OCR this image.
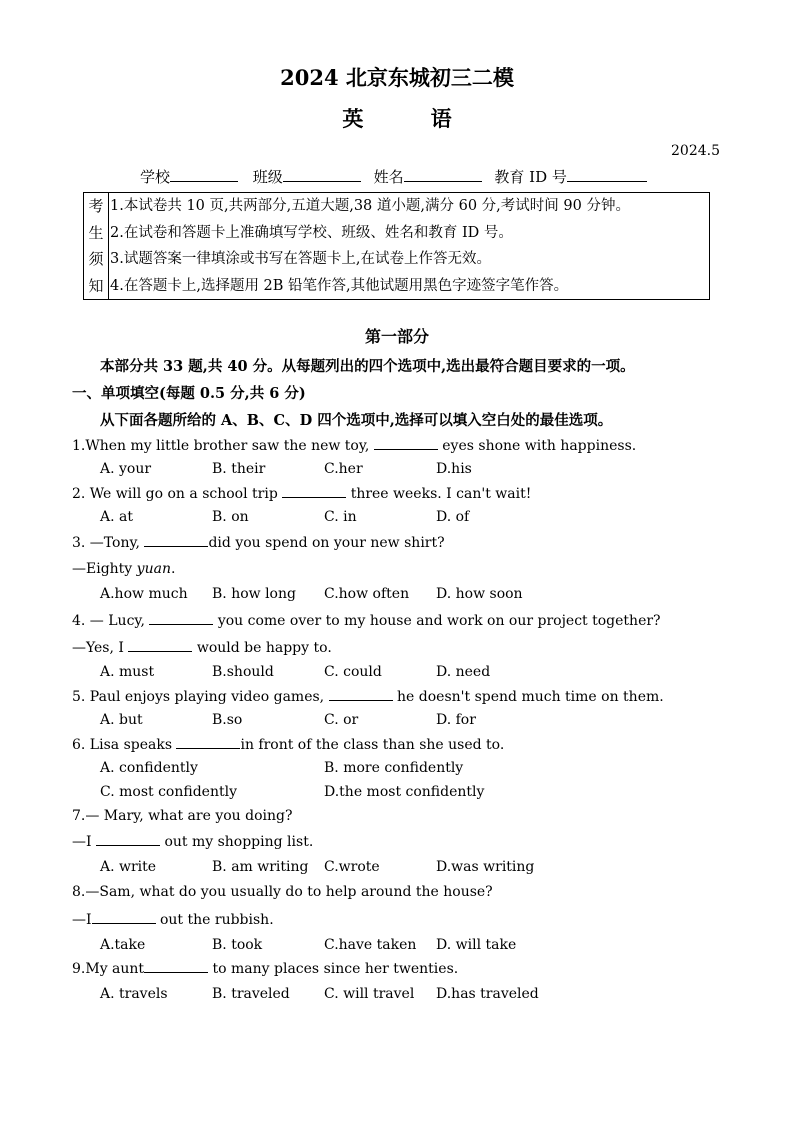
2024 北京东城初三二模
英 语
2024.5
学校	班级	姓名	教育 ID 号
考
生
须
知
1.本试卷共 10 页,共两部分,五道大题,38 道小题,满分 60 分,考试时间 90 分钟。
2.在试卷和答题卡上准确填写学校、班级、姓名和教育 ID 号。
3.试题答案一律填涂或书写在答题卡上,在试卷上作答无效。
4.在答题卡上,选择题用 2B 铅笔作答,其他试题用黑色字迹签字笔作答。
第一部分
本部分共 33 题,共 40 分。从每题列出的四个选项中,选出最符合题目要求的一项。
一、单项填空(每题 0.5 分,共 6 分)
从下面各题所给的 A、B、C、D 四个选项中,选择可以填入空白处的最佳选项。
1.When my little brother saw the new toy,	eyes shone with happiness.
A. your	B. their	C.her	D.his
2. We will go on a school trip	three weeks. I can't wait!
A. at	B. on	C. in	D. of
3. —Tony,	did you spend on your new shirt?
—Eighty yuan.
A.how much B. how long C.how often D. how soon
4. — Lucy,	you come over to my house and work on our project together?
—Yes, I	would be happy to.
A. must	B.should	C. could	D. need
5. Paul enjoys playing video games,	he doesn't spend much time on them.
A. but	B.so	C. or	D. for
6. Lisa speaks	in front of the class than she used to.
A. confidently	B. more confidently
C. most confidently	D.the most confidently
7.— Mary, what are you doing?
—I	out my shopping list.
A. write	B. am writing C.wrote	D.was writing
8.—Sam, what do you usually do to help around the house?
—I	out the rubbish.
A.take	B. took	C.have taken D. will take
9.My aunt	to many places since her twenties.
A. travels	B. traveled C. will travel D.has traveled
